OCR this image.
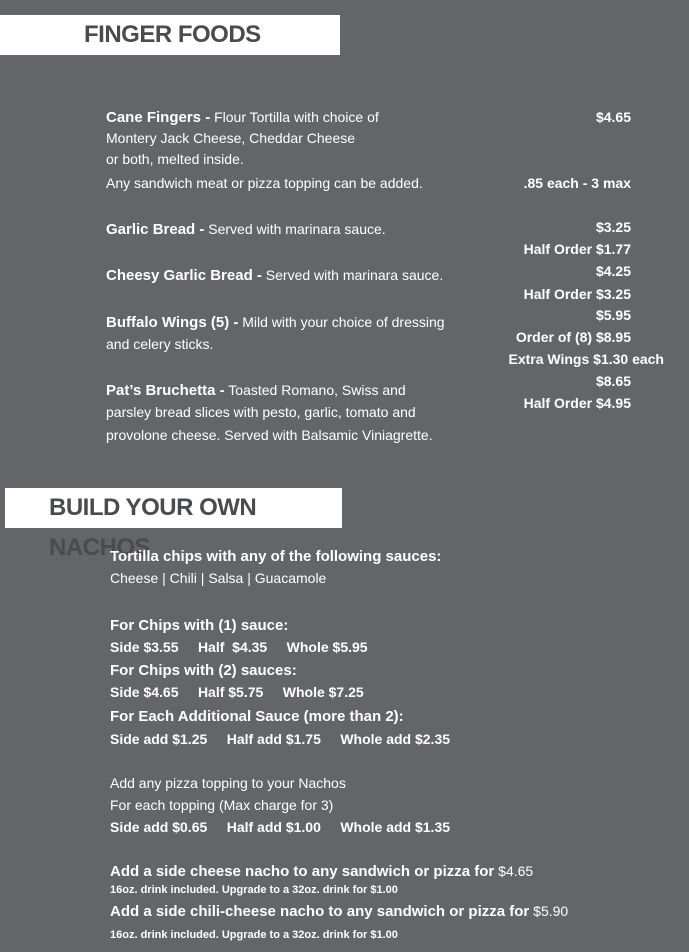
FINGER FOODS
Cane Fingers - Flour Tortilla with choice of
Montery Jack Cheese, Cheddar Cheese
or both, melted inside.
Any sandwich meat or pizza topping can be added.
$4.65
.85 each - 3 max
Garlic Bread - Served with marinara sauce.	$3.25
Half Order $1.77
Cheesy Garlic Bread - Served with marinara sauce.	$4.25
Half Order $3.25
Buffalo Wings (5) - Mild with your choice of dressing
and celery sticks.
$5.95
Order of (8) $8.95
Extra Wings $1.30 each
Pat’s Bruchetta - Toasted Romano, Swiss and
parsley bread slices with pesto, garlic, tomato and
provolone cheese. Served with Balsamic Viniagrette.
$8.65
Half Order $4.95
BUILD YOUR OWN NACHOS
Tortilla chips with any of the following sauces:
Cheese | Chili | Salsa | Guacamole
For Chips with (1) sauce:
Side $3.55     Half  $4.35     Whole $5.95
For Chips with (2) sauces:
Side $4.65     Half $5.75     Whole $7.25
For Each Additional Sauce (more than 2):
Side add $1.25     Half add $1.75     Whole add $2.35
Add any pizza topping to your Nachos
For each topping (Max charge for 3)
Side add $0.65     Half add $1.00     Whole add $1.35
Add a side cheese nacho to any sandwich or pizza for $4.65
16oz. drink included. Upgrade to a 32oz. drink for $1.00
Add a side chili-cheese nacho to any sandwich or pizza for $5.90
16oz. drink included. Upgrade to a 32oz. drink for $1.00
